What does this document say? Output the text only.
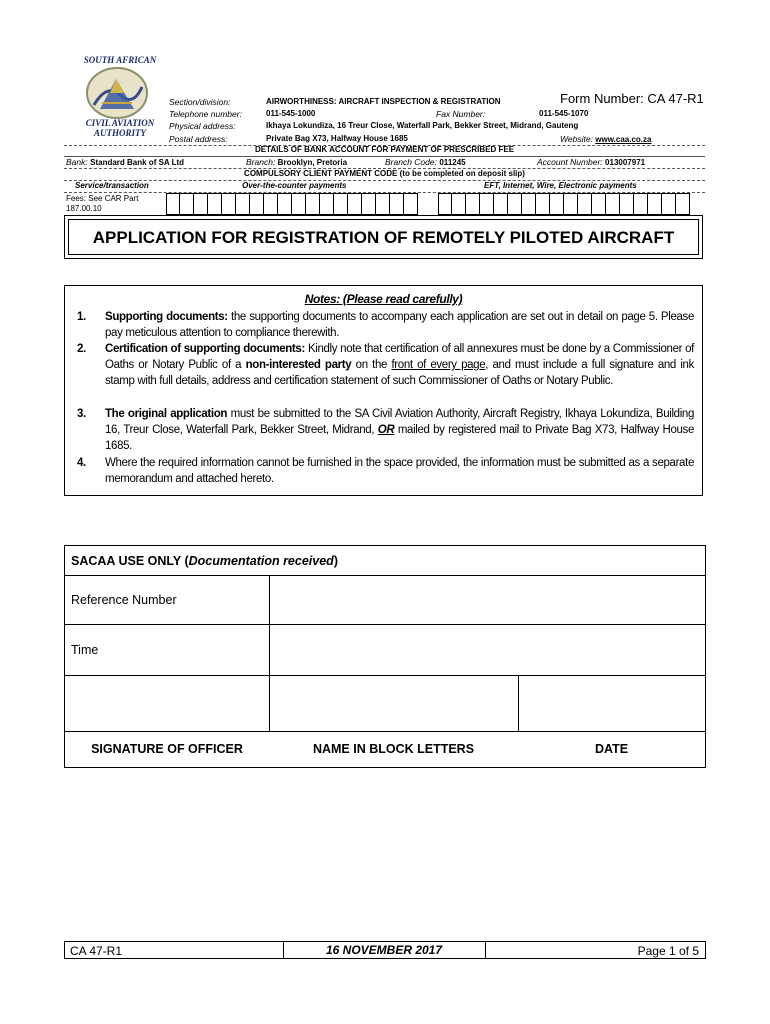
SOUTH AFRICAN
CIVIL AVIATION
AUTHORITY
Form Number: CA 47-R1
Section/division:	AIRWORTHINESS: AIRCRAFT INSPECTION & REGISTRATION
Telephone number:	011-545-1000	Fax Number:	011-545-1070
Physical address:	Ikhaya Lokundiza, 16 Treur Close, Waterfall Park, Bekker Street, Midrand, Gauteng
Postal address:	Private Bag X73, Halfway House 1685	Website: www.caa.co.za
DETAILS OF BANK ACCOUNT FOR PAYMENT OF PRESCRIBED FEE
Bank: Standard Bank of SA Ltd	Branch: Brooklyn, Pretoria	Branch Code: 011245	Account Number: 013007971
COMPULSORY CLIENT PAYMENT CODE (to be completed on deposit slip)
Service/transaction	Over-the-counter payments	EFT, Internet, Wire, Electronic payments
Fees: See CAR Part
187.00.10
APPLICATION FOR REGISTRATION OF REMOTELY PILOTED AIRCRAFT
Notes: (Please read carefully)
1. Supporting documents: the supporting documents to accompany each application are set out in detail on page 5. Please pay meticulous attention to compliance therewith.
2. Certification of supporting documents: Kindly note that certification of all annexures must be done by a Commissioner of Oaths or Notary Public of a non-interested party on the front of every page, and must include a full signature and ink stamp with full details, address and certification statement of such Commissioner of Oaths or Notary Public.
3. The original application must be submitted to the SA Civil Aviation Authority, Aircraft Registry, Ikhaya Lokundiza, Building 16, Treur Close, Waterfall Park, Bekker Street, Midrand, OR mailed by registered mail to Private Bag X73, Halfway House 1685.
4. Where the required information cannot be furnished in the space provided, the information must be submitted as a separate memorandum and attached hereto.
SACAA USE ONLY (Documentation received)
Reference Number
Time
SIGNATURE OF OFFICER	NAME IN BLOCK LETTERS	DATE
CA 47-R1	16 NOVEMBER 2017	Page 1 of 5
